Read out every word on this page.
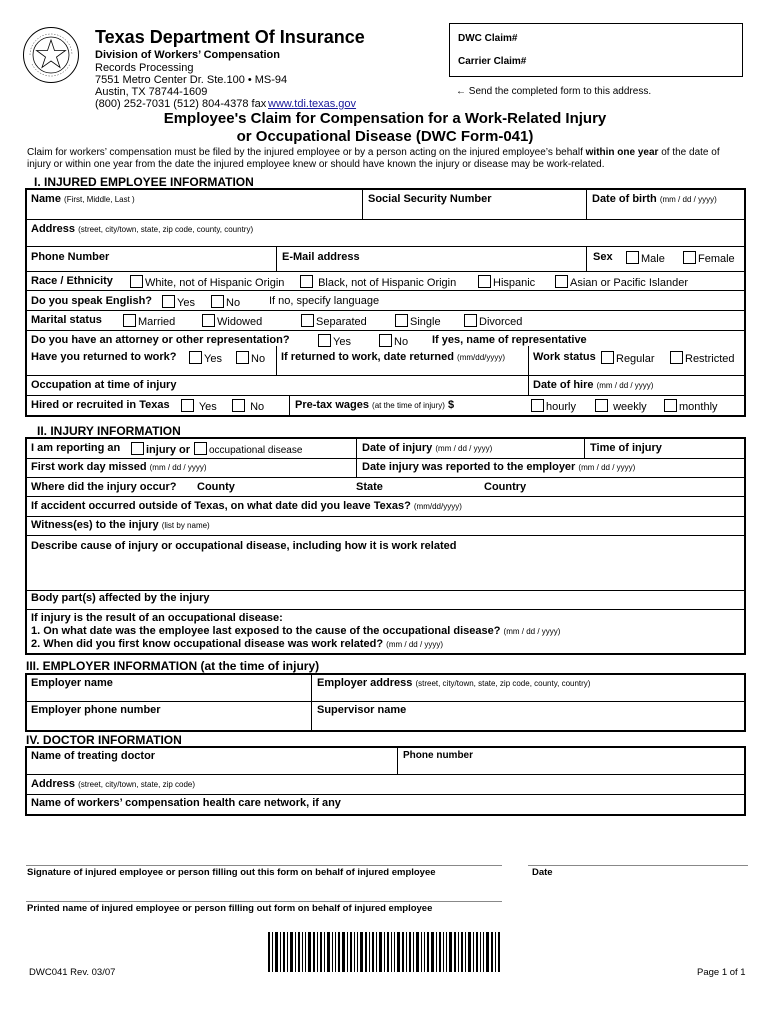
Texas Department Of Insurance
Division of Workers’ Compensation
Records Processing
7551 Metro Center Dr. Ste.100 • MS-94
Austin, TX 78744-1609
(800) 252-7031 (512) 804-4378 fax www.tdi.texas.gov
DWC Claim#
Carrier Claim#
← Send the completed form to this address.
Employee's Claim for Compensation for a Work-Related Injury
or Occupational Disease (DWC Form-041)
Claim for workers’ compensation must be filed by the injured employee or by a person acting on the injured employee’s behalf within one year of the date of
injury or within one year from the date the injured employee knew or should have known the injury or disease may be work-related.
I. INJURED EMPLOYEE INFORMATION
Name (First, Middle, Last )	Social Security Number	Date of birth (mm / dd / yyyy)
Address (street, city/town, state, zip code, county, country)
Phone Number	E-Mail address	Sex	Male	Female
Race / Ethnicity	White, not of Hispanic Origin	Black, not of Hispanic Origin	Hispanic	Asian or Pacific Islander
Do you speak English?	Yes	No	If no, specify language
Marital status	Married	Widowed	Separated	Single	Divorced
Do you have an attorney or other representation?	Yes	No If yes, name of representative
Have you returned to work?	Yes	No If returned to work, date returned (mm/dd/yyyy)	Work status	Regular	Restricted
Occupation at time of injury	Date of hire (mm / dd / yyyy)
Hired or recruited in Texas	Yes	No	Pre-tax wages (at the time of injury) $	hourly	weekly	monthly
II. INJURY INFORMATION
I am reporting an	injury or	occupational disease	Date of injury (mm / dd / yyyy)	Time of injury
First work day missed (mm / dd / yyyy)	Date injury was reported to the employer (mm / dd / yyyy)
Where did the injury occur? County	State	Country
If accident occurred outside of Texas, on what date did you leave Texas? (mm/dd/yyyy)
Witness(es) to the injury (list by name)
Describe cause of injury or occupational disease, including how it is work related
Body part(s) affected by the injury
If injury is the result of an occupational disease:
1. On what date was the employee last exposed to the cause of the occupational disease? (mm / dd / yyyy)
2. When did you first know occupational disease was work related? (mm / dd / yyyy)
III. EMPLOYER INFORMATION (at the time of injury)
Employer name	Employer address (street, city/town, state, zip code, county, country)
Employer phone number	Supervisor name
IV. DOCTOR INFORMATION
Name of treating doctor	Phone number
Address (street, city/town, state, zip code)
Name of workers’ compensation health care network, if any
Signature of injured employee or person filling out this form on behalf of injured employee	Date
Printed name of injured employee or person filling out form on behalf of injured employee
DWC041 Rev. 03/07	Page 1 of 1
